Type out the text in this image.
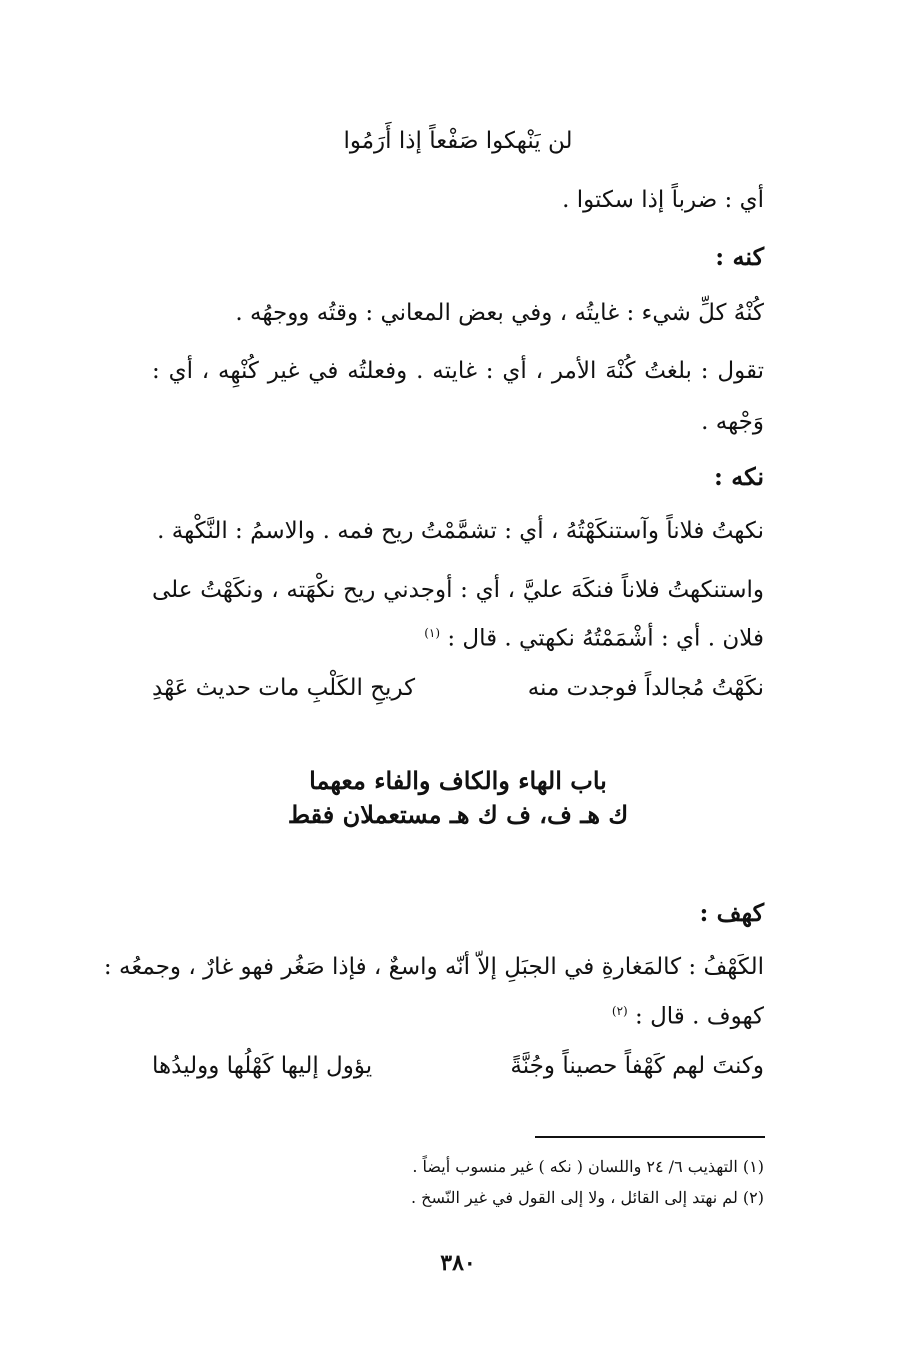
لن يَنْهكوا صَفْعاً إذا أَرَمُوا
أي : ضرباً إذا سكتوا .
كنه :
كُنْهُ كلِّ شيء : غايتُه ، وفي بعض المعاني : وقتُه ووجهُه .
تقول : بلغتُ كُنْهَ الأمر ، أي : غايته . وفعلتُه في غير كُنْهِه ، أي :
وَجْهه .
نكه :
نكهتُ فلاناً وآستنكَهْتُهُ ، أي : تشمَّمْتُ ريح فمه . والاسمُ : النَّكْهة .
واستنكهتُ فلاناً فنكَهَ عليَّ ، أي : أوجدني ريح نكْهَته ، ونكَهْتُ على
فلان . أي : أشْمَمْتُهُ نكهتي . قال : $^{(١)}$
نكَهْتُ مُجالداً فوجدت منه
كريحِ الكَلْبِ مات حديث عَهْدِ
باب الهاء والكاف والفاء معهما
ك هـ ف، ف ك هـ مستعملان فقط
كهف :
الكَهْفُ : كالمَغارةِ في الجبَلِ إلاّ أنّه واسعٌ ، فإذا صَغُر فهو غارٌ ، وجمعُه :
كهوف . قال : $^{(٢)}$
وكنتَ لهم كَهْفاً حصيناً وجُنَّةً
يؤول إليها كَهْلُها ووليدُها
(١) التهذيب ٦/ ٢٤ واللسان ( نكه ) غير منسوب أيضاً .
(٢) لم نهتد إلى القائل ، ولا إلى القول في غير النّسخ .
٣٨٠
